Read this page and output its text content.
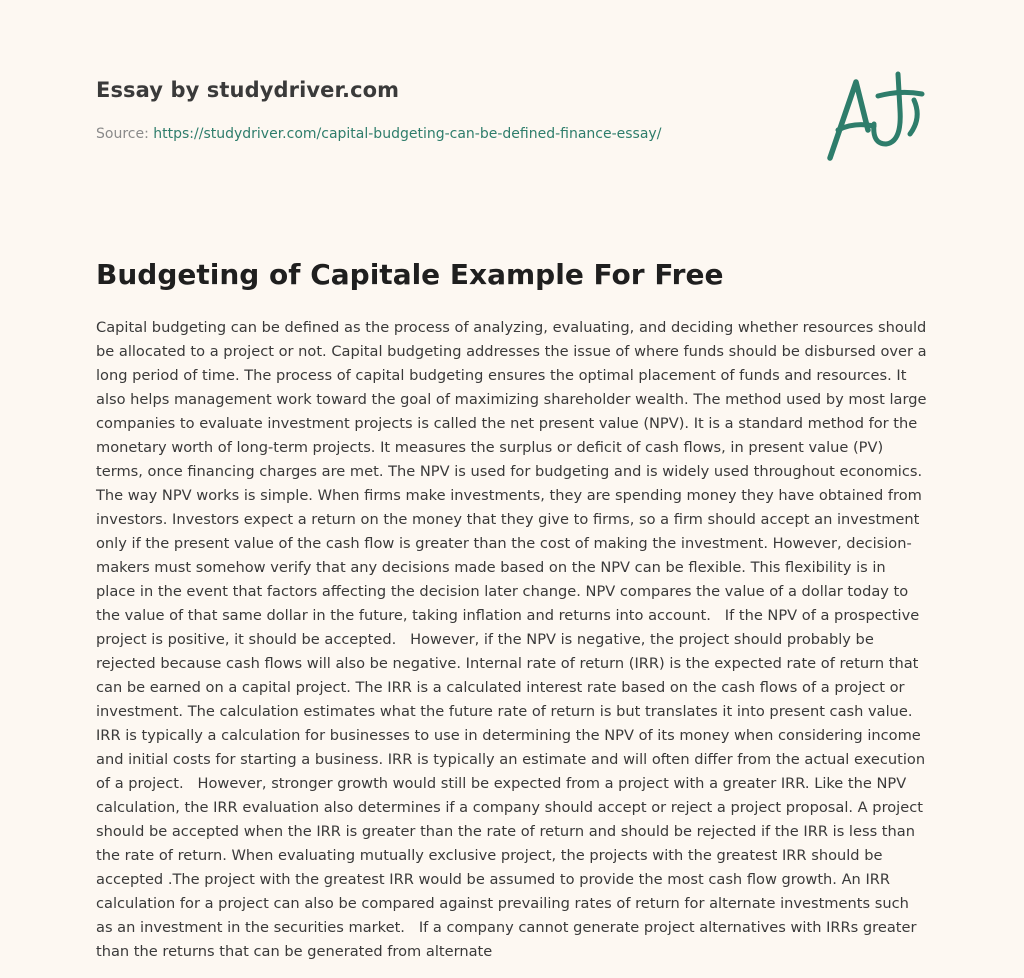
Essay by studydriver.com
Source: https://studydriver.com/capital-budgeting-can-be-defined-finance-essay/
Budgeting of Capitale Example For Free

Capital budgeting can be defined as the process of analyzing, evaluating, and deciding whether resources should be allocated to a project or not. Capital budgeting addresses the issue of where funds should be disbursed over a long period of time. The process of capital budgeting ensures the optimal placement of funds and resources. It also helps management work toward the goal of maximizing shareholder wealth. The method used by most large companies to evaluate investment projects is called the net present value (NPV). It is a standard method for the monetary worth of long-term projects. It measures the surplus or deficit of cash flows, in present value (PV) terms, once financing charges are met. The NPV is used for budgeting and is widely used throughout economics. The way NPV works is simple. When firms make investments, they are spending money they have obtained from investors. Investors expect a return on the money that they give to firms, so a firm should accept an investment only if the present value of the cash flow is greater than the cost of making the investment. However, decision-makers must somehow verify that any decisions made based on the NPV can be flexible. This flexibility is in place in the event that factors affecting the decision later change. NPV compares the value of a dollar today to the value of that same dollar in the future, taking inflation and returns into account.   If the NPV of a prospective project is positive, it should be accepted.   However, if the NPV is negative, the project should probably be rejected because cash flows will also be negative. Internal rate of return (IRR) is the expected rate of return that can be earned on a capital project. The IRR is a calculated interest rate based on the cash flows of a project or investment. The calculation estimates what the future rate of return is but translates it into present cash value. IRR is typically a calculation for businesses to use in determining the NPV of its money when considering income and initial costs for starting a business. IRR is typically an estimate and will often differ from the actual execution of a project.   However, stronger growth would still be expected from a project with a greater IRR. Like the NPV calculation, the IRR evaluation also determines if a company should accept or reject a project proposal. A project should be accepted when the IRR is greater than the rate of return and should be rejected if the IRR is less than the rate of return. When evaluating mutually exclusive project, the projects with the greatest IRR should be accepted .The project with the greatest IRR would be assumed to provide the most cash flow growth. An IRR calculation for a project can also be compared against prevailing rates of return for alternate investments such as an investment in the securities market.   If a company cannot generate project alternatives with IRRs greater than the returns that can be generated from alternate
